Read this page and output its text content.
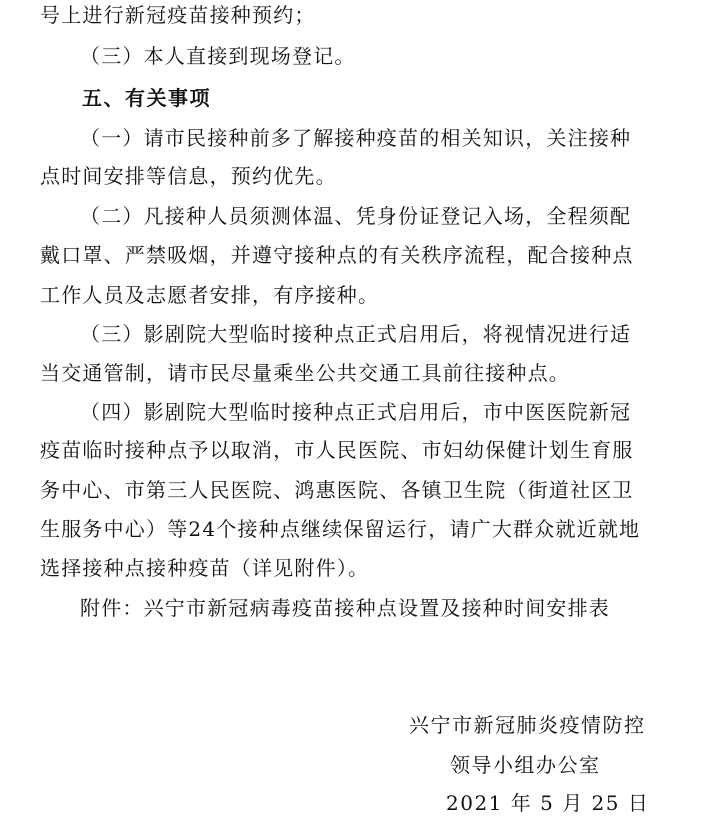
号上进行新冠疫苗接种预约；
（三）本人直接到现场登记。
五、有关事项
（一）请市民接种前多了解接种疫苗的相关知识，关注接种
点时间安排等信息，预约优先。
（二）凡接种人员须测体温、凭身份证登记入场，全程须配
戴口罩、严禁吸烟，并遵守接种点的有关秩序流程，配合接种点
工作人员及志愿者安排，有序接种。
（三）影剧院大型临时接种点正式启用后，将视情况进行适
当交通管制，请市民尽量乘坐公共交通工具前往接种点。
（四）影剧院大型临时接种点正式启用后，市中医医院新冠
疫苗临时接种点予以取消，市人民医院、市妇幼保健计划生育服
务中心、市第三人民医院、鸿惠医院、各镇卫生院（街道社区卫
生服务中心）等24个接种点继续保留运行，请广大群众就近就地
选择接种点接种疫苗（详见附件）。
附件：兴宁市新冠病毒疫苗接种点设置及接种时间安排表
兴宁市新冠肺炎疫情防控
领导小组办公室
2021 年 5 月 25 日
